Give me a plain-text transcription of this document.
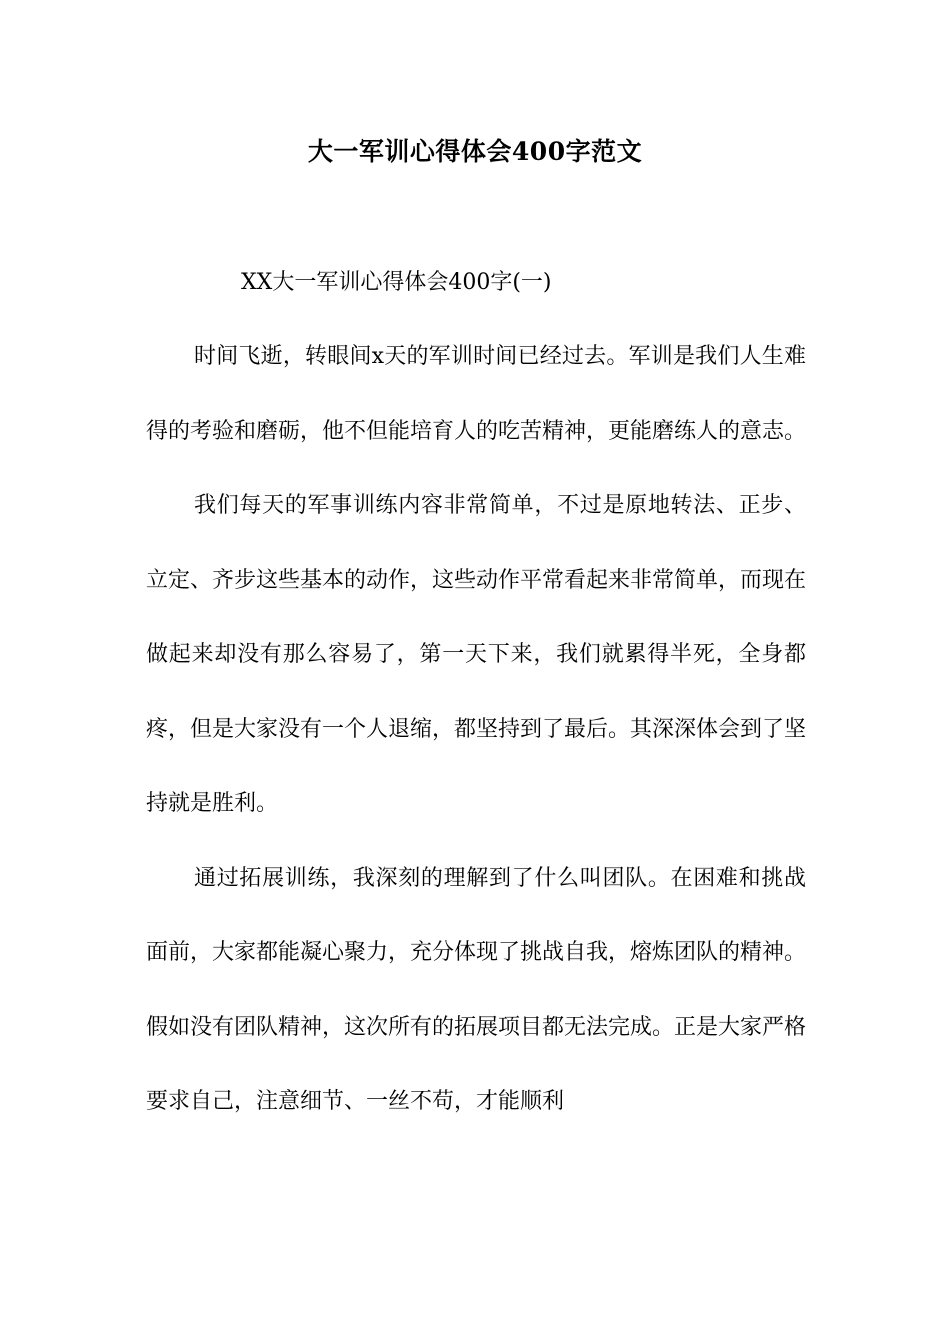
大一军训心得体会400字范文

XX大一军训心得体会400字(一)

时间飞逝，转眼间x天的军训时间已经过去。军训是我们人生难得的考验和磨砺，他不但能培育人的吃苦精神，更能磨练人的意志。

我们每天的军事训练内容非常简单，不过是原地转法、正步、立定、齐步这些基本的动作，这些动作平常看起来非常简单，而现在做起来却没有那么容易了，第一天下来，我们就累得半死，全身都疼，但是大家没有一个人退缩，都坚持到了最后。其深深体会到了坚持就是胜利。

通过拓展训练，我深刻的理解到了什么叫团队。在困难和挑战面前，大家都能凝心聚力，充分体现了挑战自我，熔炼团队的精神。假如没有团队精神，这次所有的拓展项目都无法完成。正是大家严格要求自己，注意细节、一丝不苟，才能顺利
